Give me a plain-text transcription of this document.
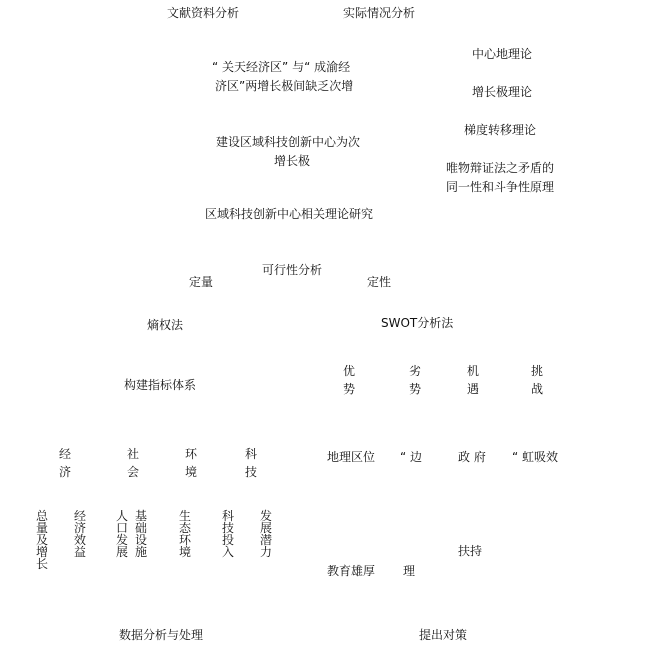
文献资料分析	实际情况分析
“ 关天经济区” 与“ 成渝经
济区”两增长极间缺乏次增
中心地理论
增长极理论
梯度转移理论
唯物辩证法之矛盾的
同一性和斗争性原理
建设区域科技创新中心为次
增长极
区域科技创新中心相关理论研究
可行性分析
定量	定性
熵权法	SWOT分析法
构建指标体系
优
势
劣
势
机
遇
挑
战
经
济
社
会
环
境
科
技
地理区位 “ 边	政 府 “ 虹吸效
总量及增长
经济效益
人口发展
基础设施
生态环境
科技投入
发展潜力	扶持
教育雄厚 理
数据分析与处理	提出对策
